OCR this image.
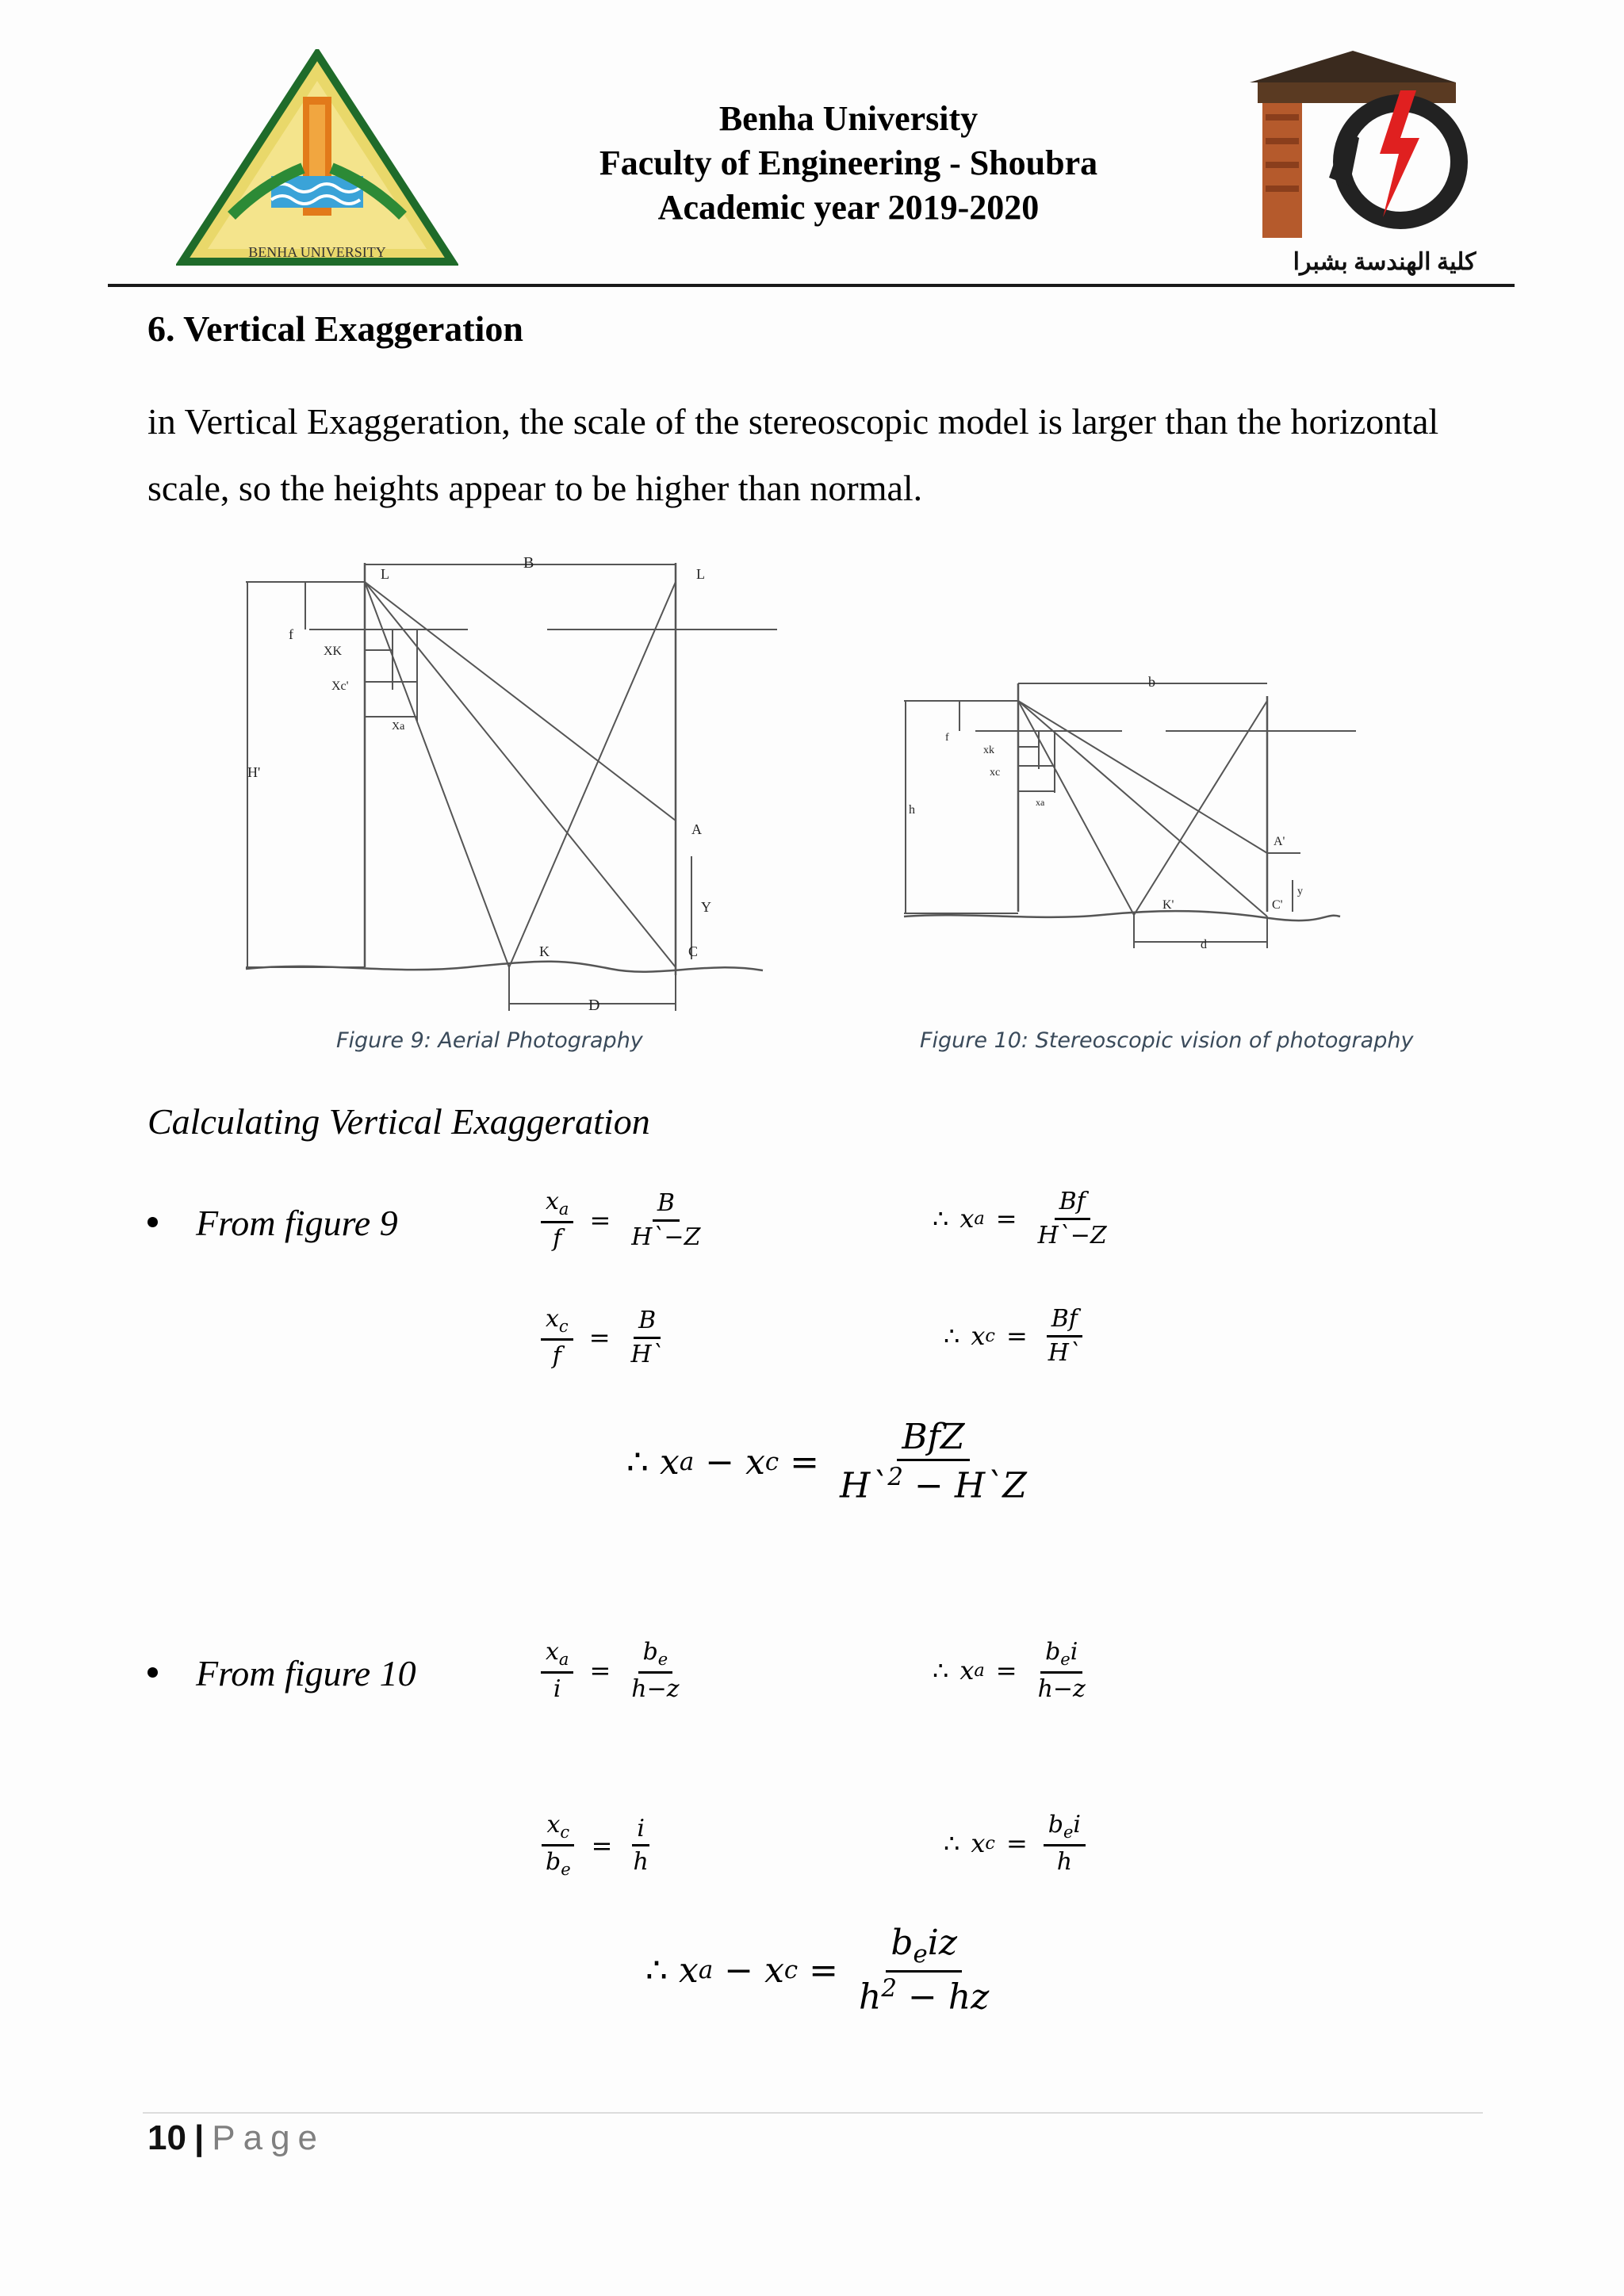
BENHA UNIVERSITY
Benha University
Faculty of Engineering - Shoubra
Academic year 2019-2020
كلية الهندسة بشبرا
6. Vertical Exaggeration
in Vertical Exaggeration, the scale of the stereoscopic model is larger than the horizontal scale, so the heights appear to be higher than normal.
B
L	L
H'
f
XK
Xc'
Xa
A
Y
C
K
D
Figure 9: Aerial Photography
b
h
f
xk
xc
xa
A'
y
C'
K'
d
Figure 10: Stereoscopic vision of photography
Calculating Vertical Exaggeration
From figure 9	$\frac{x_a}{f} = \frac{B}{H`-Z}$	∴ x $a = \frac{Bf}{H`-Z}$
$\frac{x_c}{f} = \frac{B}{H`}$	∴ x $c = \frac{Bf}{H`}$
∴ x a − x $c = \frac{\text{BfZ}}{H`^2 - H`Z}$
From figure 10	$\frac{x_a}{i} = \frac{b_e}{h-z}$	∴ x $a = \frac{b_ei}{h-z}$
$\frac{x_c}{b_e} = \frac{i}{h}$	∴ x $c = \frac{b_ei}{h}$
∴ x a − x $c = \frac{b_eiz}{h^2 - hz}$
10 | Page
